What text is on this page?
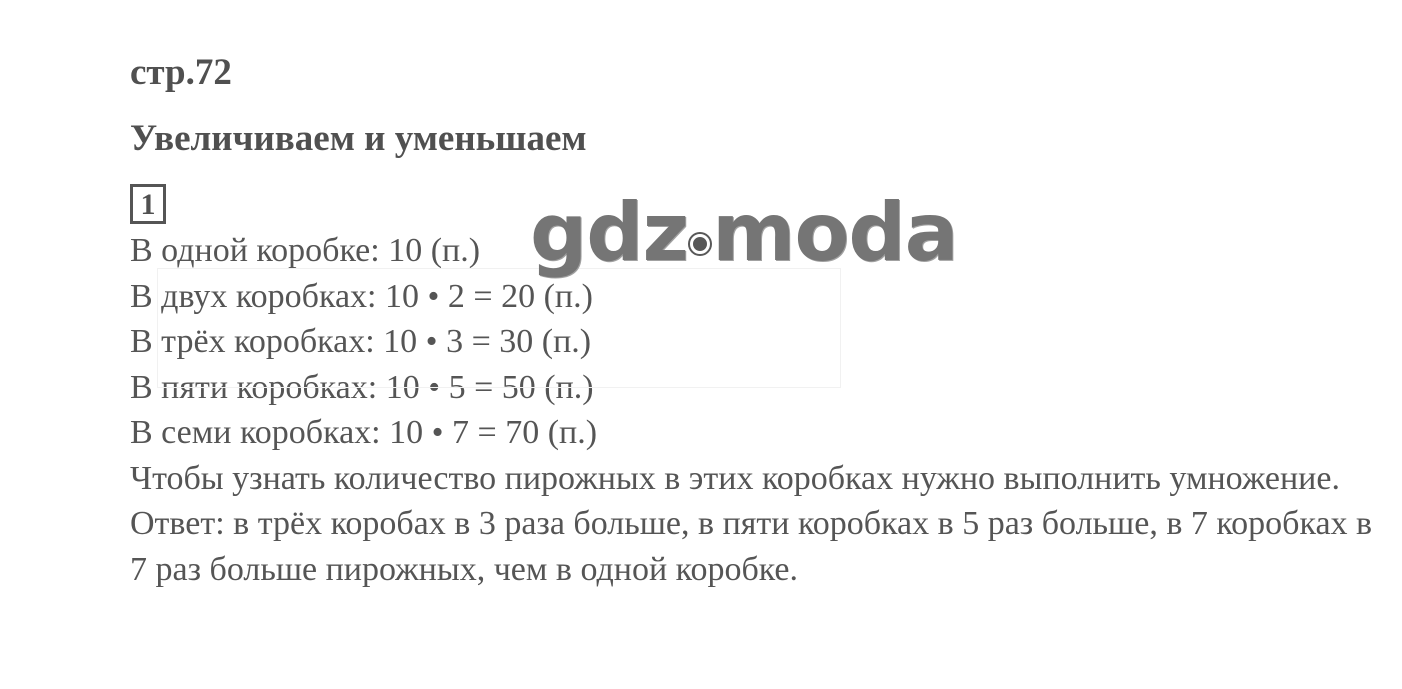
стр.72
Увеличиваем и уменьшаем
1
В одной коробке: 10 (п.)
В двух коробках: 10 • 2 = 20 (п.)
В трёх коробках: 10 • 3 = 30 (п.)
В пяти коробках: 10 • 5 = 50 (п.)
В семи коробках: 10 • 7 = 70 (п.)
Чтобы узнать количество пирожных в этих коробках нужно выполнить умножение.
Ответ: в трёх коробах в 3 раза больше, в пяти коробках в 5 раз больше, в 7 коробках в 7 раз больше пирожных, чем в одной коробке.
gdz moda
